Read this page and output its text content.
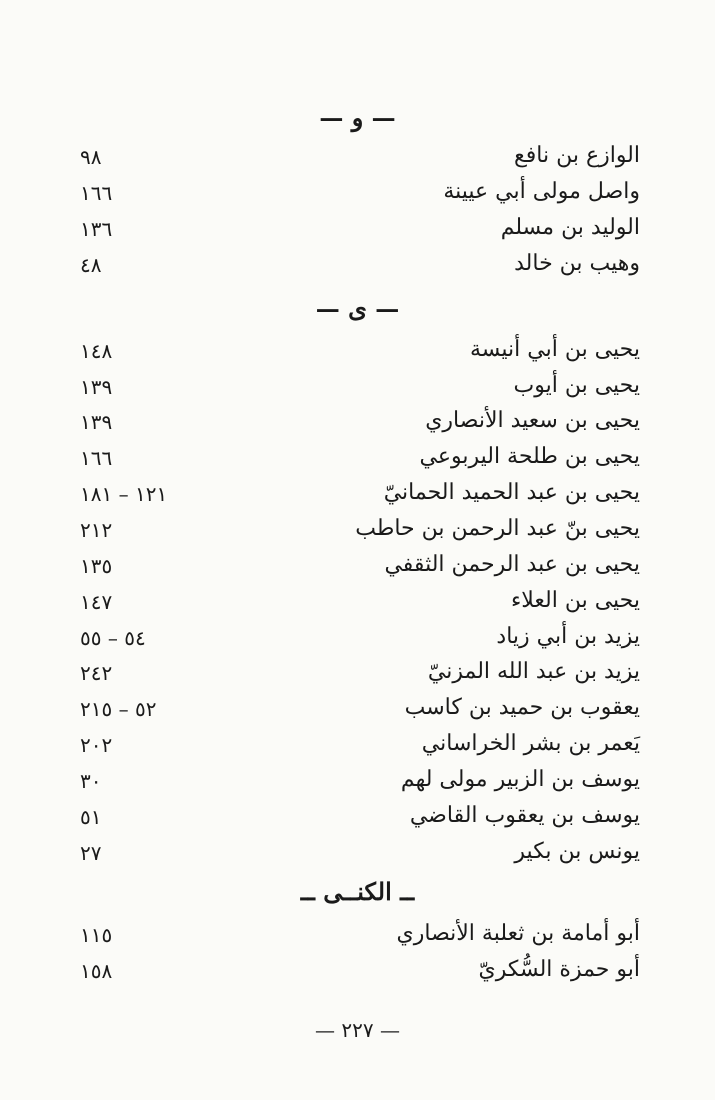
— و —
الوازع بن نافع
٩٨
واصل مولى أبي عيينة
١٦٦
الوليد بن مسلم
١٣٦
وهيب بن خالد
٤٨
— ى —
يحيى بن أبي أنيسة
١٤٨
يحيى بن أيوب
١٣٩
يحيى بن سعيد الأنصاري
١٣٩
يحيى بن طلحة اليربوعي
١٦٦
يحيى بن عبد الحميد الحمانيّ
١٢١ – ١٨١
يحيى بنّ عبد الرحمن بن حاطب
٢١٢
يحيى بن عبد الرحمن الثقفي
١٣٥
يحيى بن العلاء
١٤٧
يزيد بن أبي زياد
٥٤ – ٥٥
يزيد بن عبد الله المزنيّ
٢٤٢
يعقوب بن حميد بن كاسب
٥٢ – ٢١٥
يَعمر بن بشر الخراساني
٢٠٢
يوسف بن الزبير مولى لهم
٣٠
يوسف بن يعقوب القاضي
٥١
يونس بن بكير
٢٧
ــ الكنــى ــ
أبو أمامة بن ثعلبة الأنصاري
١١٥
أبو حمزة السُّكريّ
١٥٨
— ٢٢٧ —
